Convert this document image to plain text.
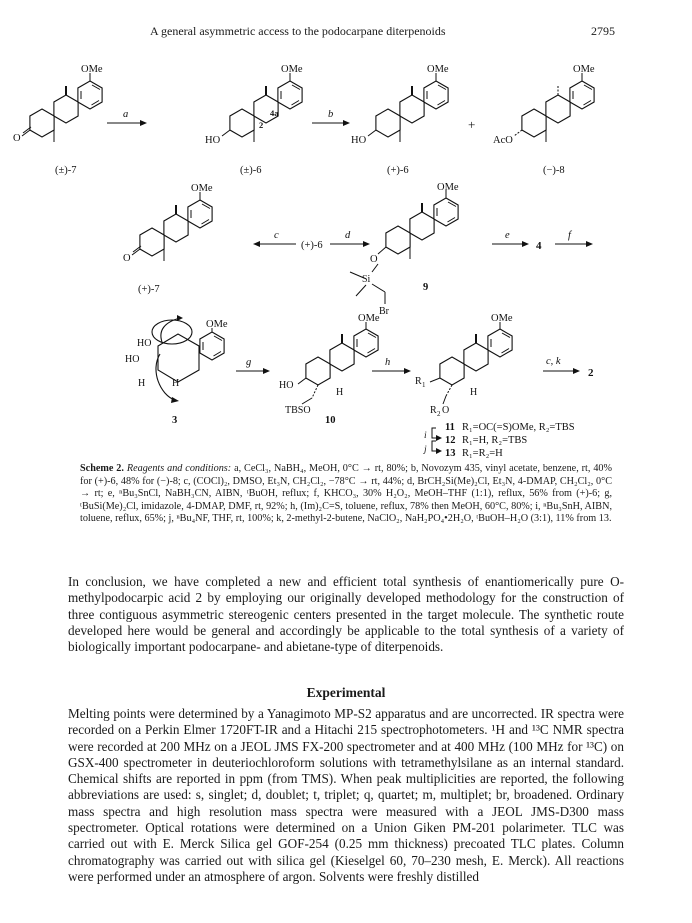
A general asymmetric access to the podocarpane diterpenoids	2795
OMe
O
a
OMe
HO
2
4a	b
OMe
HO
+
OMe
AcO
(±)-7	(±)-6	(+)-6	(−)-8
OMe
O
(+)-7
c
(+)-6
d
OMe
O
Si
Br
9
e
4
f
OMe
HO
HO
H	H
3
g
OMe
HO
TBSO
H
10
h
OMe
R 1
R 2 O
H
c, k
2
i
j
11 R₁=OC(=S)OMe, R₂=TBS
12 R₁=H, R₂=TBS
13 R₁=R₂=H
Scheme 2. Reagents and conditions: a, CeCl₃, NaBH₄, MeOH, 0°C → rt, 80%; b, Novozym 435, vinyl acetate, benzene, rt, 40% for (+)-6, 48% for (−)-8; c, (COCl)₂, DMSO, Et₃N, CH₂Cl₂, −78°C → rt, 44%; d, BrCH₂Si(Me)₂Cl, Et₃N, 4-DMAP, CH₂Cl₂, 0°C → rt; e, ⁿBu₃SnCl, NaBH₃CN, AIBN, ᵗBuOH, reflux; f, KHCO₃, 30% H₂O₂, MeOH–THF (1:1), reflux, 56% from (+)-6; g, ᵗBuSi(Me)₂Cl, imidazole, 4-DMAP, DMF, rt, 92%; h, (Im)₂C=S, toluene, reflux, 78% then MeOH, 60°C, 80%; i, ⁿBu₃SnH, AIBN, toluene, reflux, 65%; j, ⁿBu₄NF, THF, rt, 100%; k, 2-methyl-2-butene, NaClO₂, NaH₂PO₄•2H₂O, ᵗBuOH–H₂O (3:1), 11% from 13.

In conclusion, we have completed a new and efficient total synthesis of enantiomerically pure O-methylpodocarpic acid 2 by employing our originally developed methodology for the construction of three contiguous asymmetric stereogenic centers presented in the target molecule. The synthetic route developed here would be general and accordingly be applicable to the total synthesis of a variety of biologically important podocarpane- and abietane-type of diterpenoids.

Experimental

Melting points were determined by a Yanagimoto MP-S2 apparatus and are uncorrected. IR spectra were recorded on a Perkin Elmer 1720FT-IR and a Hitachi 215 spectrophotometers. ¹H and ¹³C NMR spectra were recorded at 200 MHz on a JEOL JMS FX-200 spectrometer and at 400 MHz (100 MHz for ¹³C) on GSX-400 spectrometer in deuteriochloroform solutions with tetramethylsilane as an internal standard. Chemical shifts are reported in ppm (from TMS). When peak multiplicities are reported, the following abbreviations are used: s, singlet; d, doublet; t, triplet; q, quartet; m, multiplet; br, broadened. Ordinary mass spectra and high resolution mass spectra were measured with a JEOL JMS-D300 mass spectrometer. Optical rotations were determined on a Union Giken PM-201 polarimeter. TLC was carried out with E. Merck Silica gel GOF-254 (0.25 mm thickness) precoated TLC plates. Column chromatography was carried out with silica gel (Kieselgel 60, 70–230 mesh, E. Merck). All reactions were performed under an atmosphere of argon. Solvents were freshly distilled
